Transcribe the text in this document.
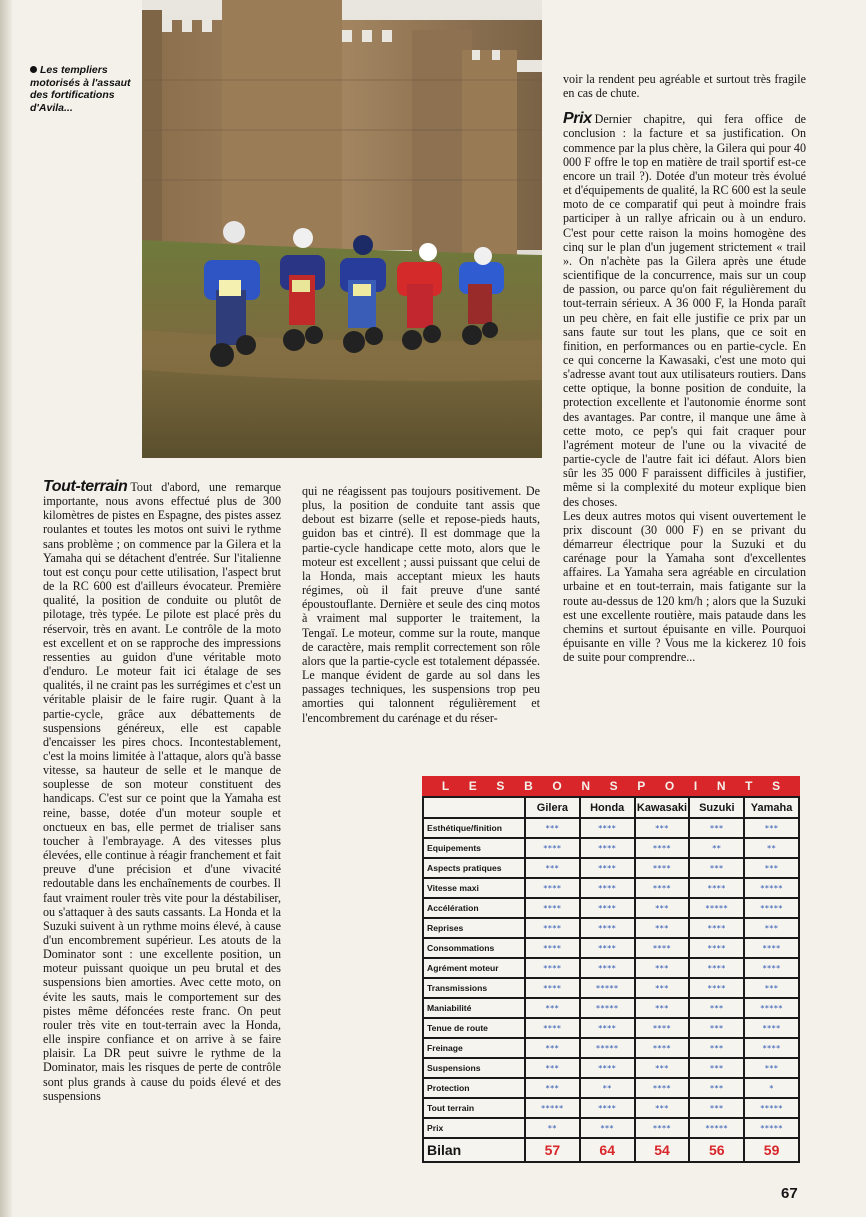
Les templiers motorisés à l'assaut des fortifications d'Avila...

Tout-terrain Tout d'abord, une remarque importante, nous avons effectué plus de 300 kilomètres de pistes en Espagne, des pistes assez roulantes et toutes les motos ont suivi le rythme sans problème ; on commence par la Gilera et la Yamaha qui se détachent d'entrée. Sur l'italienne tout est conçu pour cette utilisation, l'aspect brut de la RC 600 est d'ailleurs évocateur. Première qualité, la position de conduite ou plutôt de pilotage, très typée. Le pilote est placé près du réservoir, très en avant. Le contrôle de la moto est excellent et on se rapproche des impressions ressenties au guidon d'une véritable moto d'enduro. Le moteur fait ici étalage de ses qualités, il ne craint pas les surrégimes et c'est un véritable plaisir de le faire rugir. Quant à la partie-cycle, grâce aux débattements de suspensions généreux, elle est capable d'encaisser les pires chocs. Incontestablement, c'est la moins limitée à l'attaque, alors qu'à basse vitesse, sa hauteur de selle et le manque de souplesse de son moteur constituent des handicaps. C'est sur ce point que la Yamaha est reine, basse, dotée d'un moteur souple et onctueux en bas, elle permet de trialiser sans toucher à l'embrayage. A des vitesses plus élevées, elle continue à réagir franchement et fait preuve d'une précision et d'une vivacité redoutable dans les enchaînements de courbes. Il faut vraiment rouler très vite pour la déstabiliser, ou s'attaquer à des sauts cassants. La Honda et la Suzuki suivent à un rythme moins élevé, à cause d'un encombrement supérieur. Les atouts de la Dominator sont : une excellente position, un moteur puissant quoique un peu brutal et des suspensions bien amorties. Avec cette moto, on évite les sauts, mais le comportement sur des pistes même défoncées reste franc. On peut rouler très vite en tout-terrain avec la Honda, elle inspire confiance et on arrive à se faire plaisir. La DR peut suivre le rythme de la Dominator, mais les risques de perte de contrôle sont plus grands à cause du poids élevé et des suspensions

qui ne réagissent pas toujours positivement. De plus, la position de conduite tant assis que debout est bizarre (selle et repose-pieds hauts, guidon bas et cintré). Il est dommage que la partie-cycle handicape cette moto, alors que le moteur est excellent ; aussi puissant que celui de la Honda, mais acceptant mieux les hauts régimes, où il fait preuve d'une santé époustouflante. Dernière et seule des cinq motos à vraiment mal supporter le traitement, la Tengaï. Le moteur, comme sur la route, manque de caractère, mais remplit correctement son rôle alors que la partie-cycle est totalement dépassée. Le manque évident de garde au sol dans les passages techniques, les suspensions trop peu amorties qui talonnent régulièrement et l'encombrement du carénage et du réser-

voir la rendent peu agréable et surtout très fragile en cas de chute.

Prix Dernier chapitre, qui fera office de conclusion : la facture et sa justification. On commence par la plus chère, la Gilera qui pour 40 000 F offre le top en matière de trail sportif est-ce encore un trail ?). Dotée d'un moteur très évolué et d'équipements de qualité, la RC 600 est la seule moto de ce comparatif qui peut à moindre frais participer à un rallye africain ou à un enduro. C'est pour cette raison la moins homogène des cinq sur le plan d'un jugement strictement « trail ». On n'achète pas la Gilera après une étude scientifique de la concurrence, mais sur un coup de passion, ou parce qu'on fait régulièrement du tout-terrain sérieux. A 36 000 F, la Honda paraît un peu chère, en fait elle justifie ce prix par un sans faute sur tout les plans, que ce soit en finition, en performances ou en partie-cycle. En ce qui concerne la Kawasaki, c'est une moto qui s'adresse avant tout aux utilisateurs routiers. Dans cette optique, la bonne position de conduite, la protection excellente et l'autonomie énorme sont des avantages. Par contre, il manque une âme à cette moto, ce pep's qui fait craquer pour l'agrément moteur de l'une ou la vivacité de partie-cycle de l'autre fait ici défaut. Alors bien sûr les 35 000 F paraissent difficiles à justifier, même si la complexité du moteur explique bien des choses.

Les deux autres motos qui visent ouvertement le prix discount (30 000 F) en se privant du démarreur électrique pour la Suzuki et du carénage pour la Yamaha sont d'excellentes affaires. La Yamaha sera agréable en circulation urbaine et en tout-terrain, mais fatigante sur la route au-dessus de 120 km/h ; alors que la Suzuki est une excellente routière, mais pataude dans les chemins et surtout épuisante en ville. Pourquoi épuisante en ville ? Vous me la kickerez 10 fois de suite pour comprendre...

L E S B O N S P O I N T S
	Gilera	Honda	Kawasaki	Suzuki	Yamaha
Esthétique/finition	***	****	***	***	***
Equipements	****	****	****	**	**
Aspects pratiques	***	****	****	***	***
Vitesse maxi	****	****	****	****	*****
Accélération	****	****	***	*****	*****
Reprises	****	****	***	****	***
Consommations	****	****	****	****	****
Agrément moteur	****	****	***	****	****
Transmissions	****	*****	***	****	***
Maniabilité	***	*****	***	***	*****
Tenue de route	****	****	****	***	****
Freinage	***	*****	****	***	****
Suspensions	***	****	***	***	***
Protection	***	**	****	***	*
Tout terrain	*****	****	***	***	*****
Prix	**	***	****	*****	*****
Bilan	57	64	54	56	59
67
